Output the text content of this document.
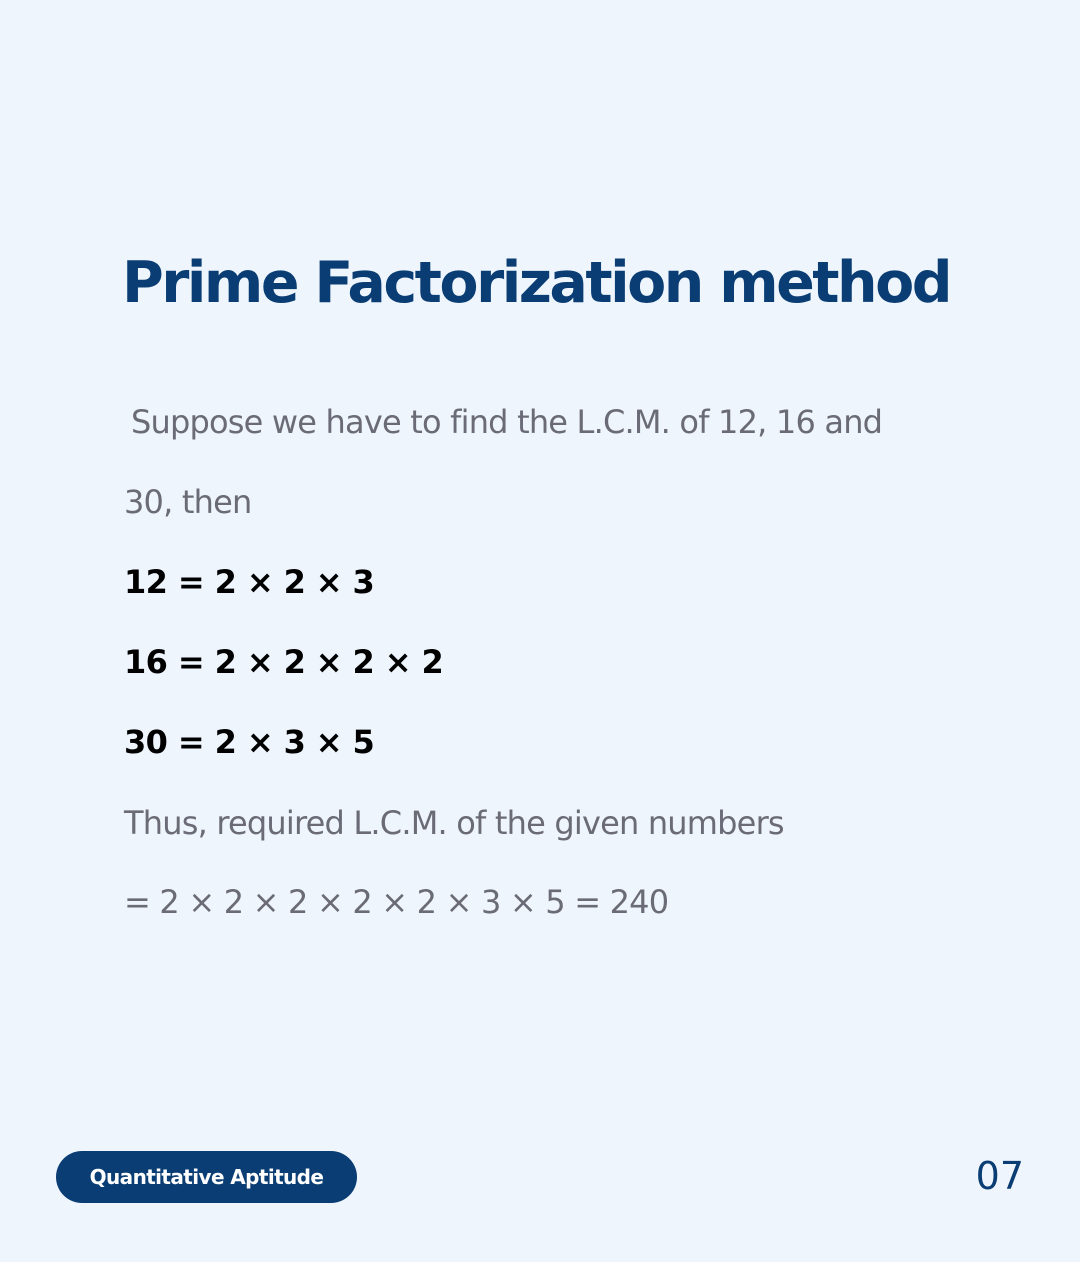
Prime Factorization method

Suppose we have to find the L.C.M. of 12, 16 and

30, then

12 = 2 × 2 × 3

16 = 2 × 2 × 2 × 2

30 = 2 × 3 × 5

Thus, required L.C.M. of the given numbers

= 2 × 2 × 2 × 2 × 2 × 3 × 5 = 240

Quantitative Aptitude	07
